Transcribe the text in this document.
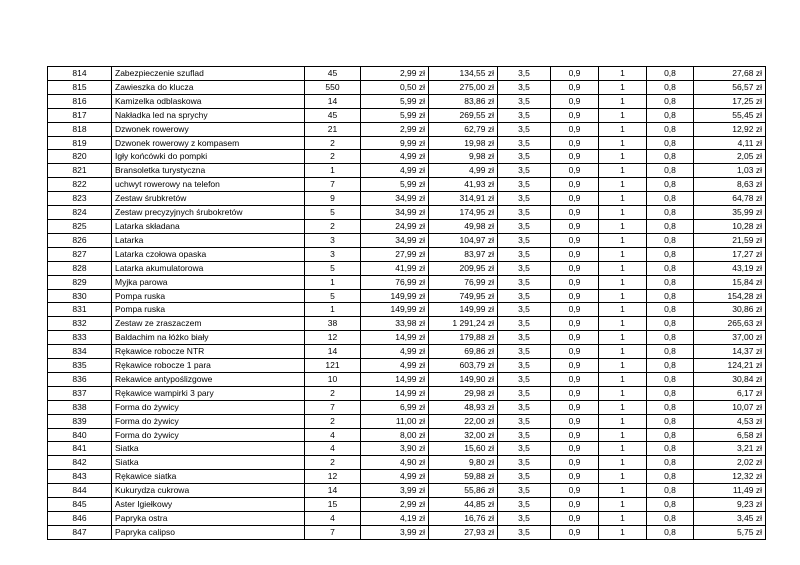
814	Zabezpieczenie szuflad	45	2,99 zł	134,55 zł	3,5	0,9	1	0,8	27,68 zł
815	Zawieszka do klucza	550	0,50 zł	275,00 zł	3,5	0,9	1	0,8	56,57 zł
816	Kamizelka odblaskowa	14	5,99 zł	83,86 zł	3,5	0,9	1	0,8	17,25 zł
817	Nakładka led na sprychy	45	5,99 zł	269,55 zł	3,5	0,9	1	0,8	55,45 zł
818	Dzwonek rowerowy	21	2,99 zł	62,79 zł	3,5	0,9	1	0,8	12,92 zł
819	Dzwonek rowerowy z kompasem	2	9,99 zł	19,98 zł	3,5	0,9	1	0,8	4,11 zł
820	Igły końcówki do pompki	2	4,99 zł	9,98 zł	3,5	0,9	1	0,8	2,05 zł
821	Bransoletka turystyczna	1	4,99 zł	4,99 zł	3,5	0,9	1	0,8	1,03 zł
822	uchwyt rowerowy na telefon	7	5,99 zł	41,93 zł	3,5	0,9	1	0,8	8,63 zł
823	Zestaw śrubkretów	9	34,99 zł	314,91 zł	3,5	0,9	1	0,8	64,78 zł
824	Zestaw precyzyjnych śrubokretów	5	34,99 zł	174,95 zł	3,5	0,9	1	0,8	35,99 zł
825	Latarka składana	2	24,99 zł	49,98 zł	3,5	0,9	1	0,8	10,28 zł
826	Latarka	3	34,99 zł	104,97 zł	3,5	0,9	1	0,8	21,59 zł
827	Latarka czołowa opaska	3	27,99 zł	83,97 zł	3,5	0,9	1	0,8	17,27 zł
828	Latarka akumulatorowa	5	41,99 zł	209,95 zł	3,5	0,9	1	0,8	43,19 zł
829	Myjka parowa	1	76,99 zł	76,99 zł	3,5	0,9	1	0,8	15,84 zł
830	Pompa ruska	5	149,99 zł	749,95 zł	3,5	0,9	1	0,8	154,28 zł
831	Pompa ruska	1	149,99 zł	149,99 zł	3,5	0,9	1	0,8	30,86 zł
832	Zestaw ze zraszaczem	38	33,98 zł	1 291,24 zł	3,5	0,9	1	0,8	265,63 zł
833	Baldachim na łóżko biały	12	14,99 zł	179,88 zł	3,5	0,9	1	0,8	37,00 zł
834	Rękawice robocze NTR	14	4,99 zł	69,86 zł	3,5	0,9	1	0,8	14,37 zł
835	Rękawice robocze 1 para	121	4,99 zł	603,79 zł	3,5	0,9	1	0,8	124,21 zł
836	Rekawice antypoślizgowe	10	14,99 zł	149,90 zł	3,5	0,9	1	0,8	30,84 zł
837	Rękawice wampirki 3 pary	2	14,99 zł	29,98 zł	3,5	0,9	1	0,8	6,17 zł
838	Forma do żywicy	7	6,99 zł	48,93 zł	3,5	0,9	1	0,8	10,07 zł
839	Forma do żywicy	2	11,00 zł	22,00 zł	3,5	0,9	1	0,8	4,53 zł
840	Forma do żywicy	4	8,00 zł	32,00 zł	3,5	0,9	1	0,8	6,58 zł
841	Siatka	4	3,90 zł	15,60 zł	3,5	0,9	1	0,8	3,21 zł
842	Siatka	2	4,90 zł	9,80 zł	3,5	0,9	1	0,8	2,02 zł
843	Rękawice siatka	12	4,99 zł	59,88 zł	3,5	0,9	1	0,8	12,32 zł
844	Kukurydza cukrowa	14	3,99 zł	55,86 zł	3,5	0,9	1	0,8	11,49 zł
845	Aster Igiełkowy	15	2,99 zł	44,85 zł	3,5	0,9	1	0,8	9,23 zł
846	Papryka ostra	4	4,19 zł	16,76 zł	3,5	0,9	1	0,8	3,45 zł
847	Papryka calipso	7	3,99 zł	27,93 zł	3,5	0,9	1	0,8	5,75 zł
